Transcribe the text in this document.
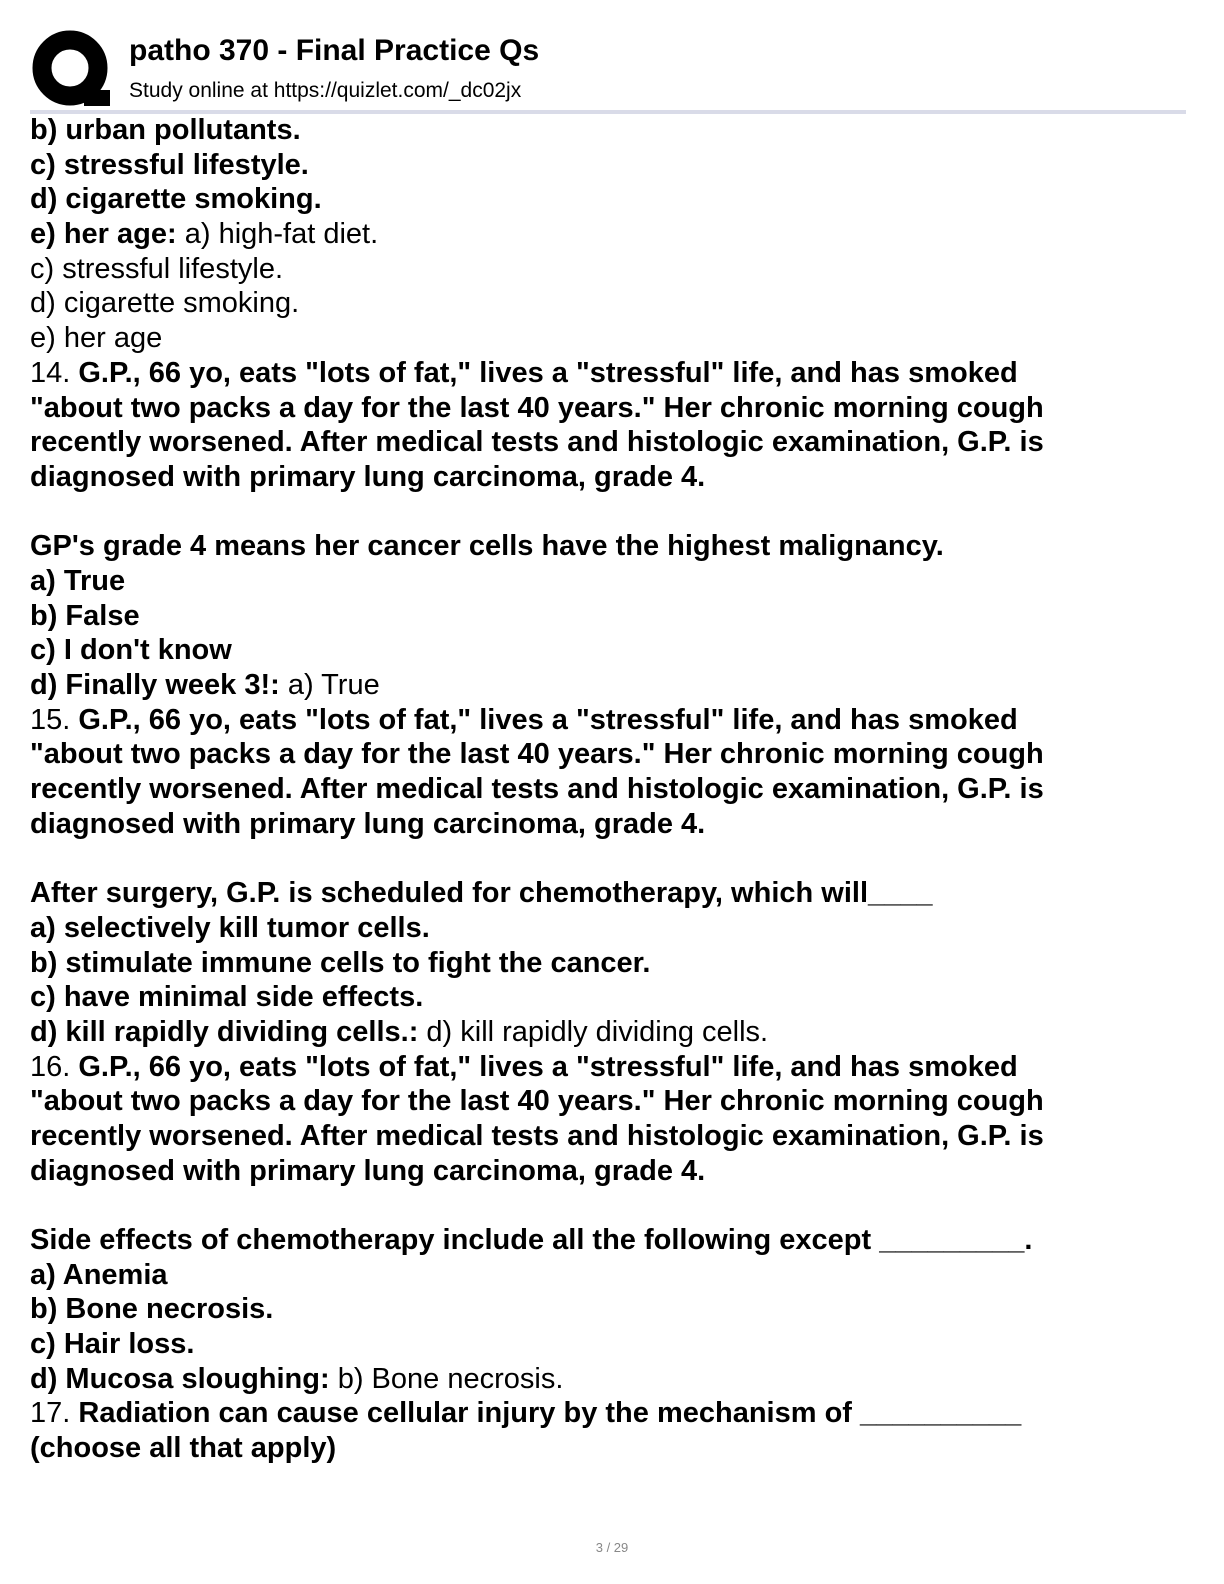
patho 370 - Final Practice Qs
Study online at https://quizlet.com/_dc02jx
b) urban pollutants.
c) stressful lifestyle.
d) cigarette smoking.
e) her age: a) high-fat diet.
c) stressful lifestyle.
d) cigarette smoking.
e) her age
14. G.P., 66 yo, eats "lots of fat," lives a "stressful" life, and has smoked
"about two packs a day for the last 40 years." Her chronic morning cough
recently worsened. After medical tests and histologic examination, G.P. is
diagnosed with primary lung carcinoma, grade 4.
GP's grade 4 means her cancer cells have the highest malignancy.
a) True
b) False
c) I don't know
d) Finally week 3!: a) True
15. G.P., 66 yo, eats "lots of fat," lives a "stressful" life, and has smoked
"about two packs a day for the last 40 years." Her chronic morning cough
recently worsened. After medical tests and histologic examination, G.P. is
diagnosed with primary lung carcinoma, grade 4.
After surgery, G.P. is scheduled for chemotherapy, which will____
a) selectively kill tumor cells.
b) stimulate immune cells to fight the cancer.
c) have minimal side effects.
d) kill rapidly dividing cells.: d) kill rapidly dividing cells.
16. G.P., 66 yo, eats "lots of fat," lives a "stressful" life, and has smoked
"about two packs a day for the last 40 years." Her chronic morning cough
recently worsened. After medical tests and histologic examination, G.P. is
diagnosed with primary lung carcinoma, grade 4.
Side effects of chemotherapy include all the following except _________.
a) Anemia
b) Bone necrosis.
c) Hair loss.
d) Mucosa sloughing: b) Bone necrosis.
17. Radiation can cause cellular injury by the mechanism of __________
(choose all that apply)
3 / 29
